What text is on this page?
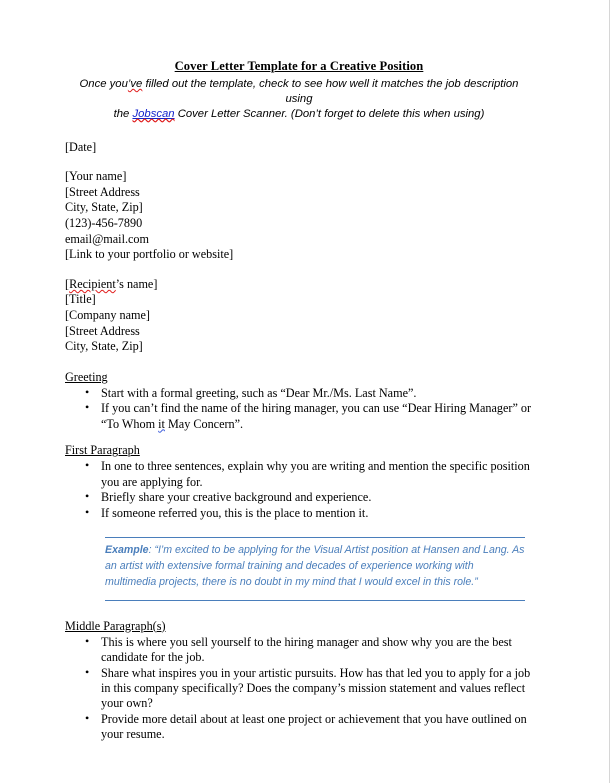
Cover Letter Template for a Creative Position
Once you’ve filled out the template, check to see how well it matches the job description using
the Jobscan Cover Letter Scanner. (Don’t forget to delete this when using)
[Date]
[Your name]
[Street Address
City, State, Zip]
(123)-456-7890
email@mail.com
[Link to your portfolio or website]
[Recipient’s name]
[Title]
[Company name]
[Street Address
City, State, Zip]
Greeting
• Start with a formal greeting, such as “Dear Mr./Ms. Last Name”.
• If you can’t find the name of the hiring manager, you can use “Dear Hiring Manager” or “To Whom it May Concern”.
First Paragraph
• In one to three sentences, explain why you are writing and mention the specific position you are applying for.
• Briefly share your creative background and experience.
• If someone referred you, this is the place to mention it.

Example: “I’m excited to be applying for the Visual Artist position at Hansen and Lang. As an artist with extensive formal training and decades of experience working with multimedia projects, there is no doubt in my mind that I would excel in this role.”

Middle Paragraph(s)
• This is where you sell yourself to the hiring manager and show why you are the best candidate for the job.
• Share what inspires you in your artistic pursuits. How has that led you to apply for a job in this company specifically? Does the company’s mission statement and values reflect your own?
• Provide more detail about at least one project or achievement that you have outlined on your resume.
